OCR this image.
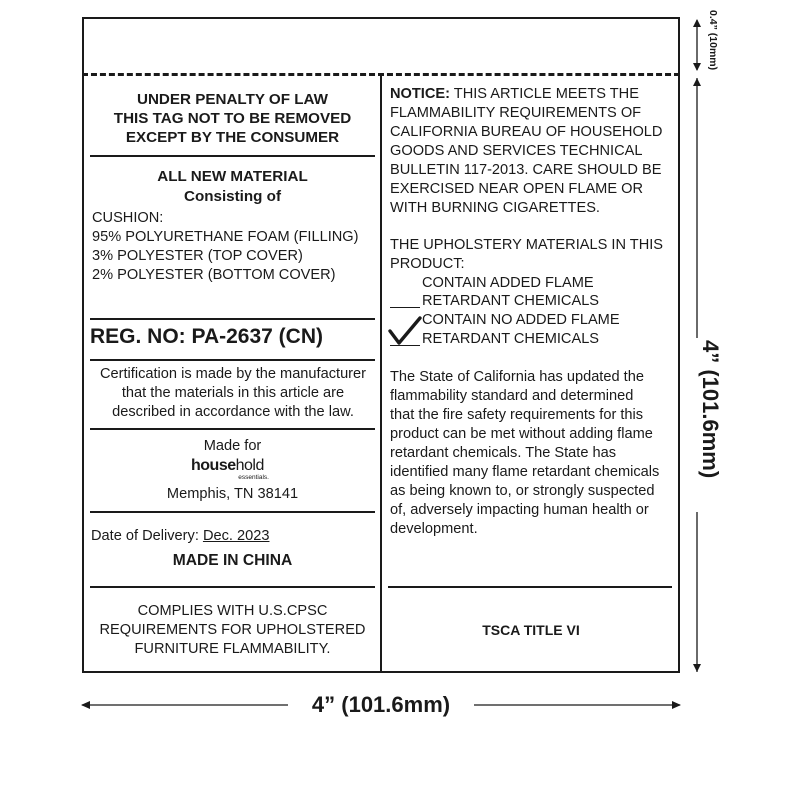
UNDER PENALTY OF LAW
THIS TAG NOT TO BE REMOVED
EXCEPT BY THE CONSUMER
ALL NEW MATERIAL
Consisting of
CUSHION:
95% POLYURETHANE FOAM (FILLING)
3% POLYESTER (TOP COVER)
2% POLYESTER (BOTTOM COVER)
REG. NO: PA-2637 (CN)
Certification is made by the manufacturer
that the materials in this article are
described in accordance with the law.
Made for
household
essentials.
Memphis, TN 38141
Date of Delivery: Dec. 2023
MADE IN CHINA
COMPLIES WITH U.S.CPSC
REQUIREMENTS FOR UPHOLSTERED
FURNITURE FLAMMABILITY.
NOTICE: THIS ARTICLE MEETS THE
FLAMMABILITY REQUIREMENTS OF
CALIFORNIA BUREAU OF HOUSEHOLD
GOODS AND SERVICES TECHNICAL
BULLETIN 117-2013. CARE SHOULD BE
EXERCISED NEAR OPEN FLAME OR
WITH BURNING CIGARETTES.
THE UPHOLSTERY MATERIALS IN THIS
PRODUCT:
CONTAIN ADDED FLAME
RETARDANT CHEMICALS
CONTAIN NO ADDED FLAME
RETARDANT CHEMICALS
The State of California has updated the
flammability standard and determined
that the fire safety requirements for this
product can be met without adding flame
retardant chemicals. The State has
identified many flame retardant chemicals
as being known to, or strongly suspected
of, adversely impacting human health or
development.
TSCA TITLE VI
0.4” (10mm)
4” (101.6mm)
4” (101.6mm)
